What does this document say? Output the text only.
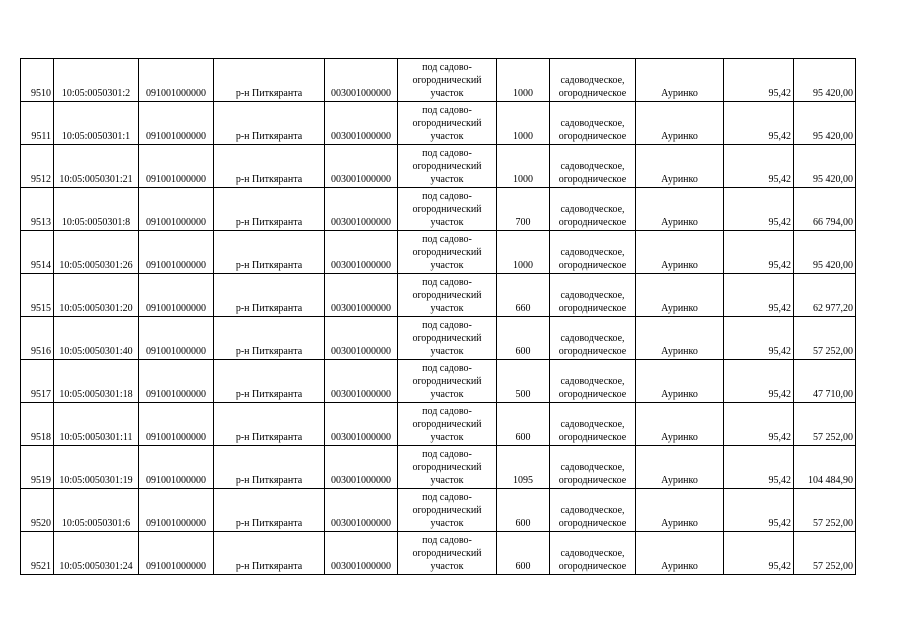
9510	10:05:0050301:2	091001000000	р-н Питкяранта	003001000000	под садово-
огороднический
участок	1000	садоводческое,
огородническое	Ауринко	95,42	95 420,00
9511	10:05:0050301:1	091001000000	р-н Питкяранта	003001000000	под садово-
огороднический
участок	1000	садоводческое,
огородническое	Ауринко	95,42	95 420,00
9512	10:05:0050301:21	091001000000	р-н Питкяранта	003001000000	под садово-
огороднический
участок	1000	садоводческое,
огородническое	Ауринко	95,42	95 420,00
9513	10:05:0050301:8	091001000000	р-н Питкяранта	003001000000	под садово-
огороднический
участок	700	садоводческое,
огородническое	Ауринко	95,42	66 794,00
9514	10:05:0050301:26	091001000000	р-н Питкяранта	003001000000	под садово-
огороднический
участок	1000	садоводческое,
огородническое	Ауринко	95,42	95 420,00
9515	10:05:0050301:20	091001000000	р-н Питкяранта	003001000000	под садово-
огороднический
участок	660	садоводческое,
огородническое	Ауринко	95,42	62 977,20
9516	10:05:0050301:40	091001000000	р-н Питкяранта	003001000000	под садово-
огороднический
участок	600	садоводческое,
огородническое	Ауринко	95,42	57 252,00
9517	10:05:0050301:18	091001000000	р-н Питкяранта	003001000000	под садово-
огороднический
участок	500	садоводческое,
огородническое	Ауринко	95,42	47 710,00
9518	10:05:0050301:11	091001000000	р-н Питкяранта	003001000000	под садово-
огороднический
участок	600	садоводческое,
огородническое	Ауринко	95,42	57 252,00
9519	10:05:0050301:19	091001000000	р-н Питкяранта	003001000000	под садово-
огороднический
участок	1095	садоводческое,
огородническое	Ауринко	95,42	104 484,90
9520	10:05:0050301:6	091001000000	р-н Питкяранта	003001000000	под садово-
огороднический
участок	600	садоводческое,
огородническое	Ауринко	95,42	57 252,00
9521	10:05:0050301:24	091001000000	р-н Питкяранта	003001000000	под садово-
огороднический
участок	600	садоводческое,
огородническое	Ауринко	95,42	57 252,00
